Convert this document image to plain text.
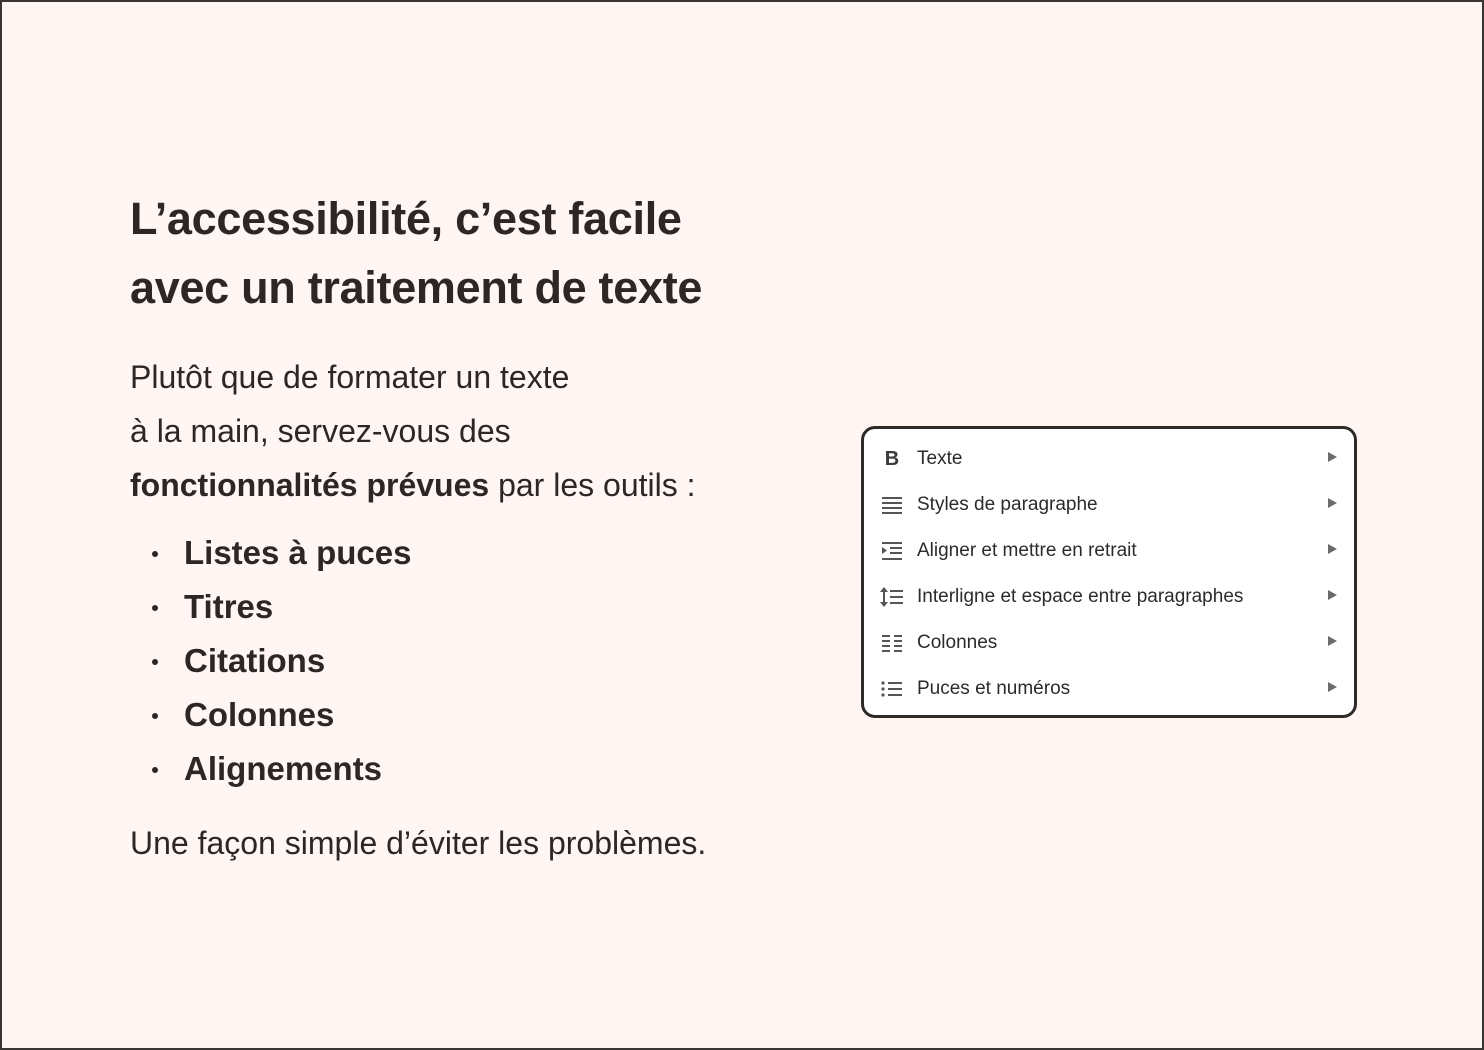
L’accessibilité, c’est facile
avec un traitement de texte
Plutôt que de formater un texte
à la main, servez-vous des
fonctionnalités prévues par les outils :
Listes à puces
Titres
Citations
Colonnes
Alignements
Une façon simple d’éviter les problèmes.
B Texte
Styles de paragraphe
Aligner et mettre en retrait
Interligne et espace entre paragraphes
Colonnes
Puces et numéros
